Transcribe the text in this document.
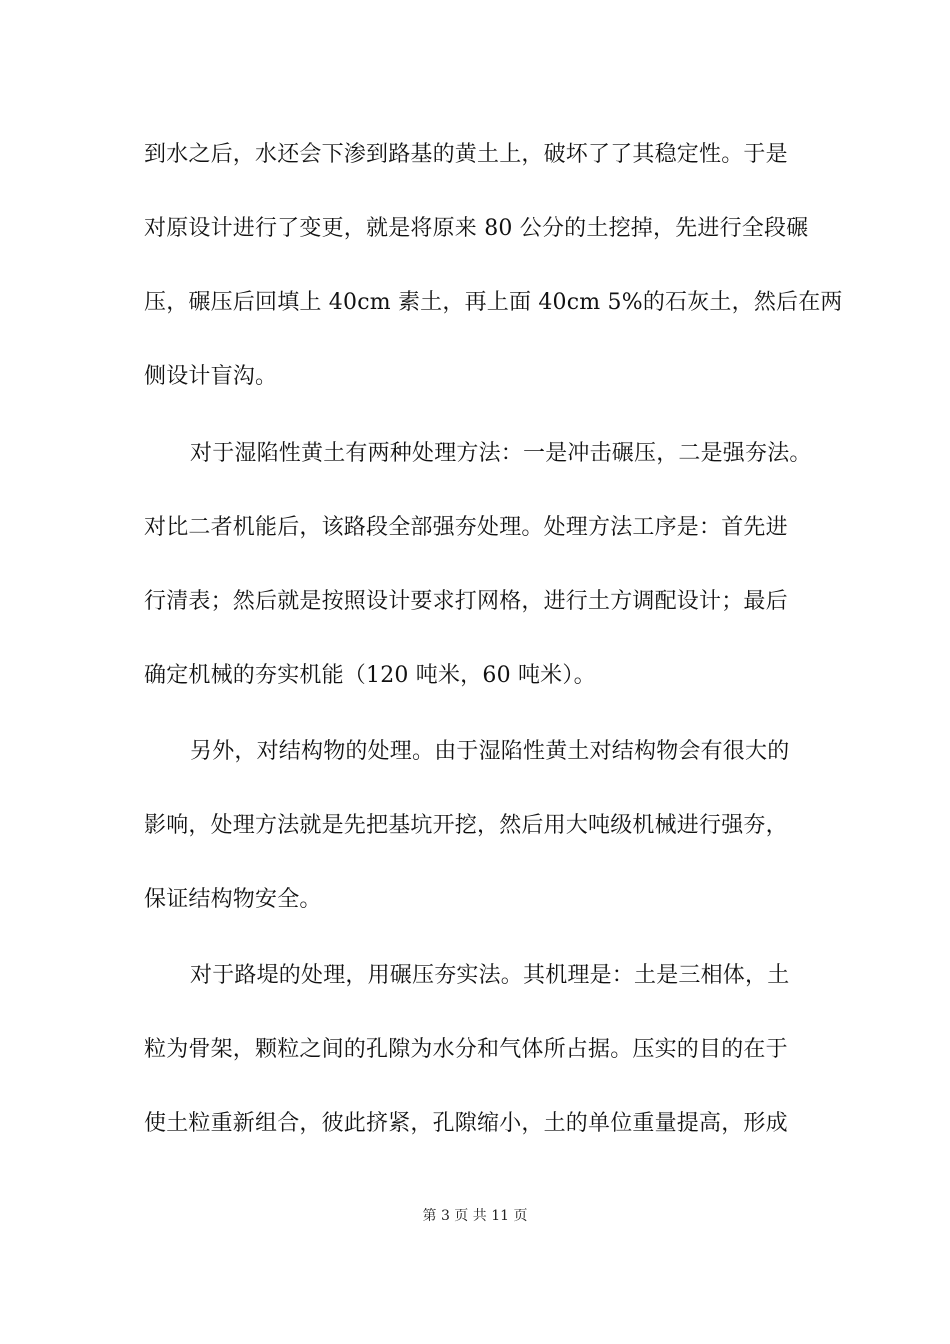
到水之后，水还会下渗到路基的黄土上，破坏了了其稳定性。于是
对原设计进行了变更，就是将原来 80 公分的土挖掉，先进行全段碾
压，碾压后回填上 40cm 素土，再上面 40cm 5%的石灰土，然后在两
侧设计盲沟。
对于湿陷性黄土有两种处理方法：一是冲击碾压，二是强夯法。
对比二者机能后，该路段全部强夯处理。处理方法工序是：首先进
行清表；然后就是按照设计要求打网格，进行土方调配设计；最后
确定机械的夯实机能（120 吨米，60 吨米）。
另外，对结构物的处理。由于湿陷性黄土对结构物会有很大的
影响，处理方法就是先把基坑开挖，然后用大吨级机械进行强夯，
保证结构物安全。
对于路堤的处理，用碾压夯实法。其机理是：土是三相体，土
粒为骨架，颗粒之间的孔隙为水分和气体所占据。压实的目的在于
使土粒重新组合，彼此挤紧，孔隙缩小，土的单位重量提高，形成
第 3 页 共 11 页
